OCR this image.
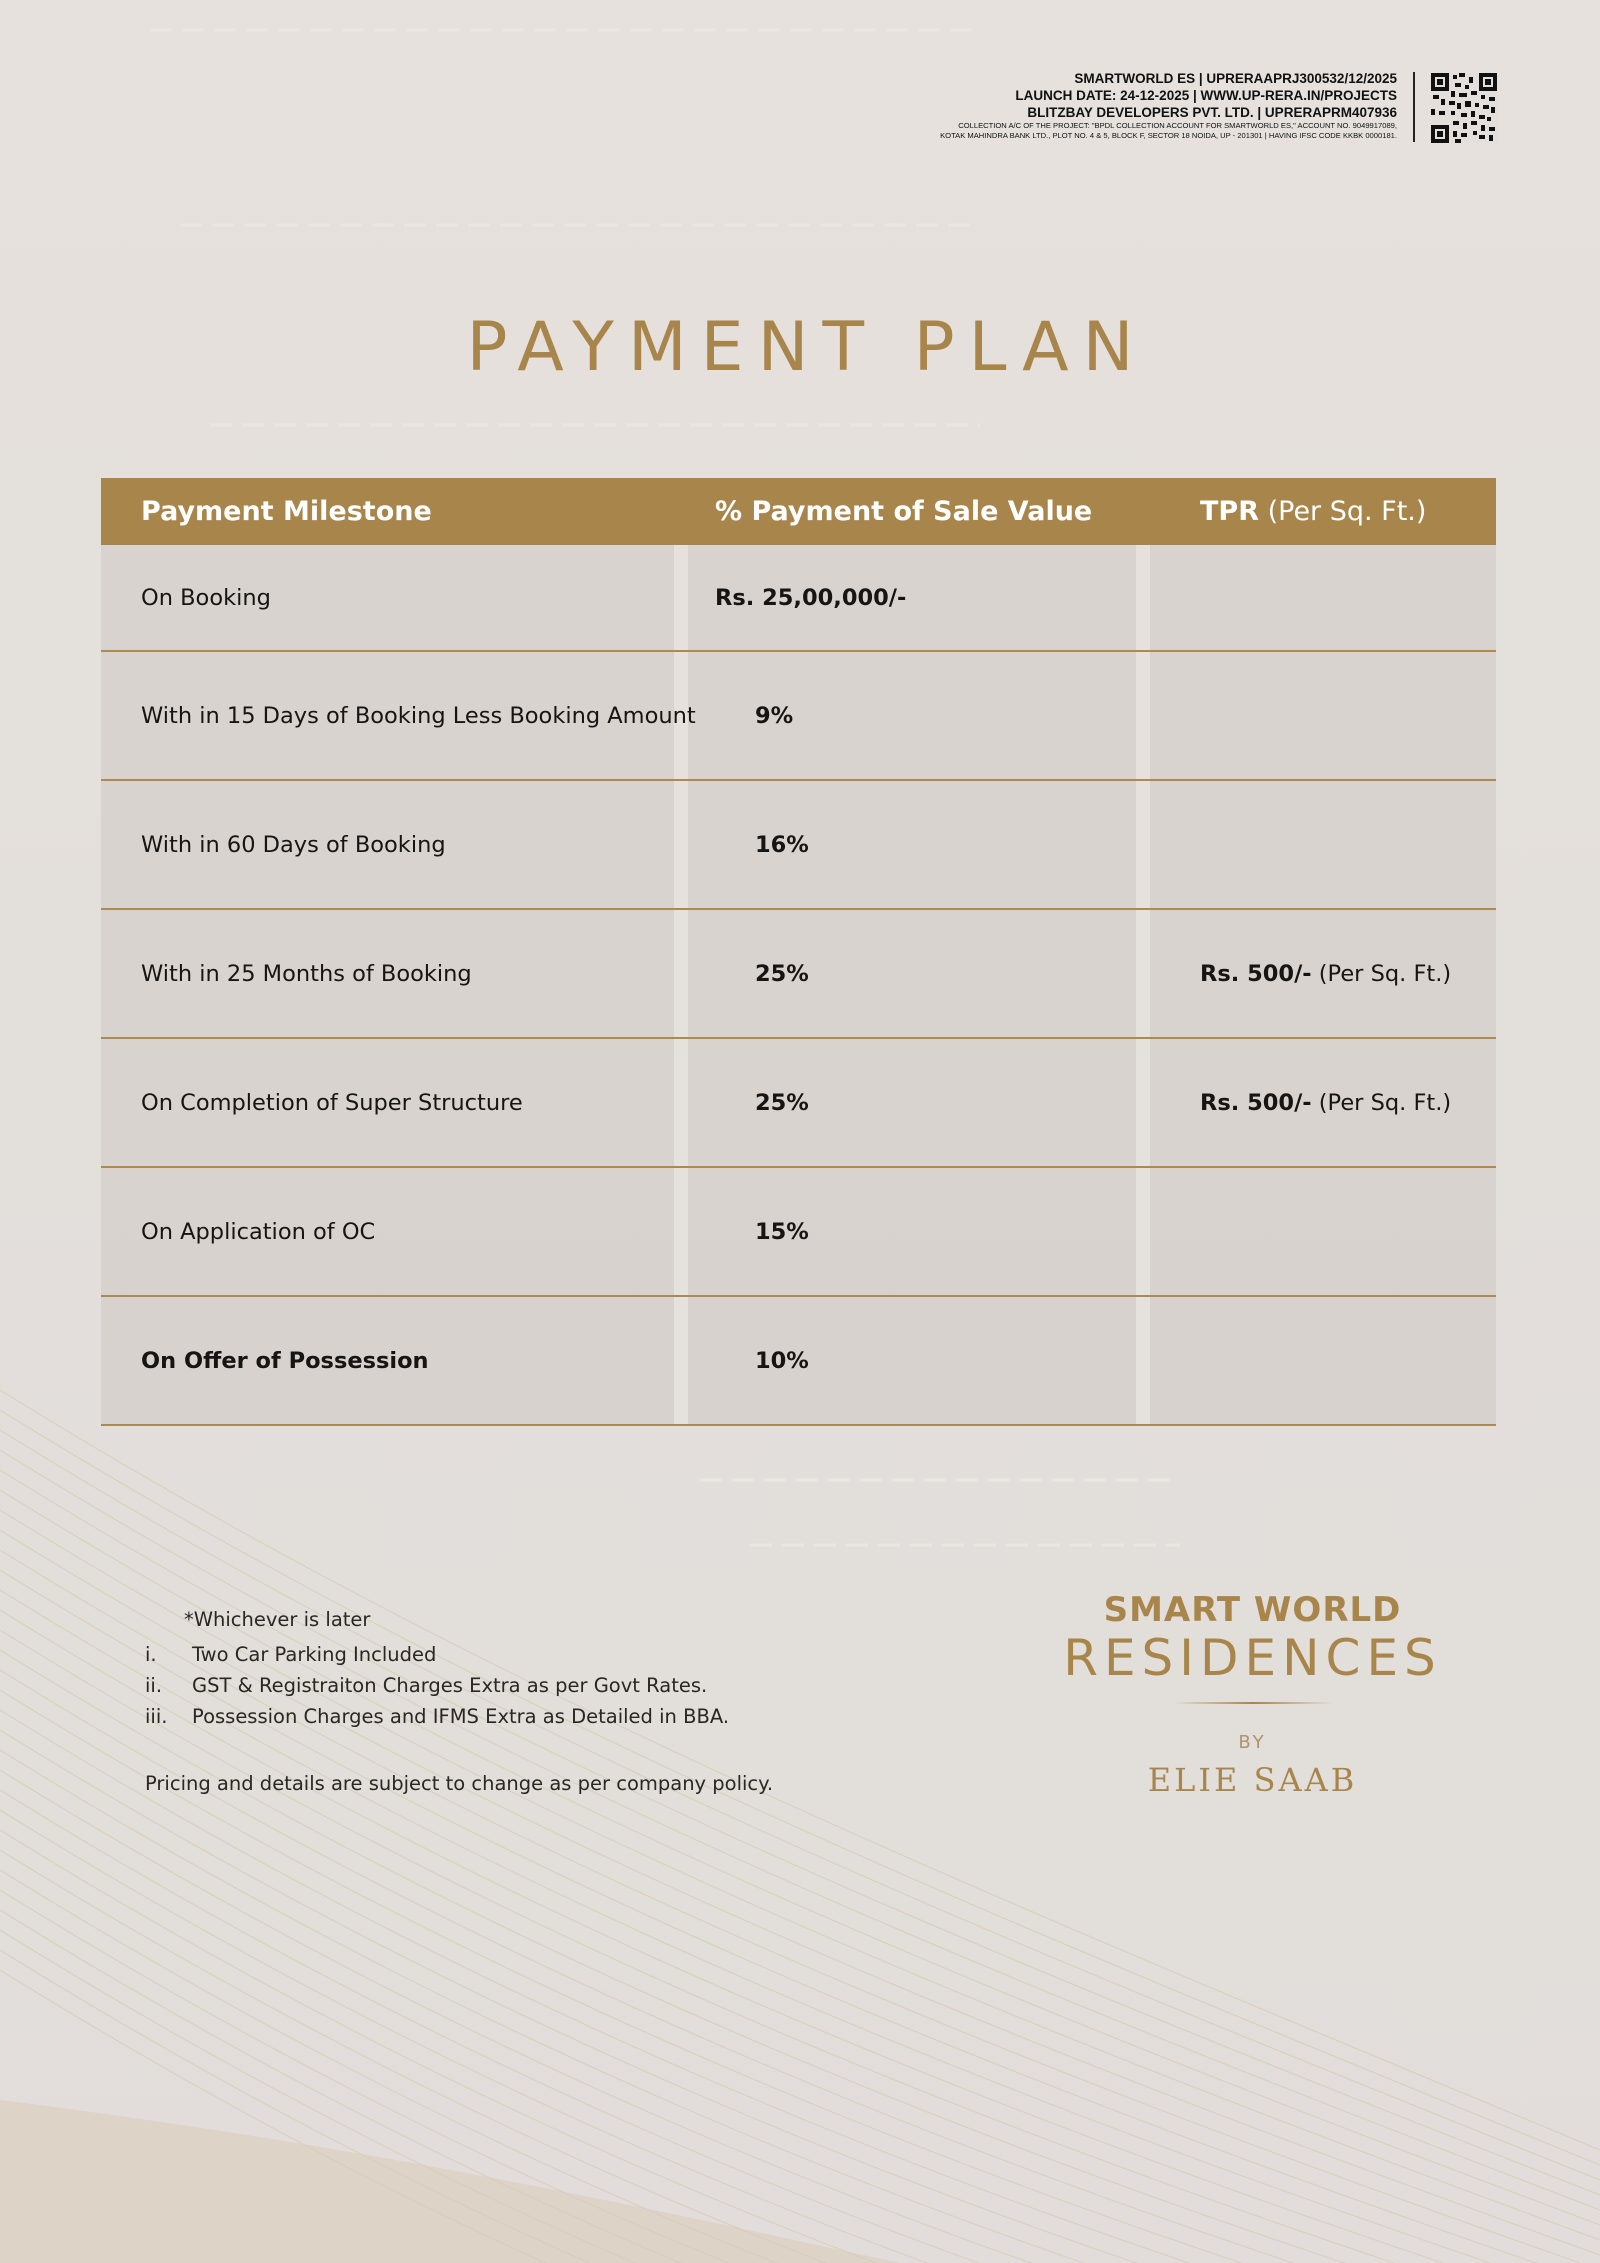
SMARTWORLD ES | UPRERAAPRJ300532/12/2025
LAUNCH DATE: 24-12-2025 | WWW.UP-RERA.IN/PROJECTS
BLITZBAY DEVELOPERS PVT. LTD. | UPRERAPRM407936
COLLECTION A/C OF THE PROJECT: "BPDL COLLECTION ACCOUNT FOR SMARTWORLD ES," ACCOUNT NO. 9049917089,
KOTAK MAHINDRA BANK LTD., PLOT NO. 4 & 5, BLOCK F, SECTOR 18 NOIDA, UP - 201301 | HAVING IFSC CODE KKBK 0000181.
PAYMENT PLAN
Payment Milestone	% Payment of Sale Value	TPR (Per Sq. Ft.)
On Booking	Rs. 25,00,000/-
With in 15 Days of Booking Less Booking Amount	9%
With in 60 Days of Booking	16%
With in 25 Months of Booking	25%	Rs. 500/- (Per Sq. Ft.)
On Completion of Super Structure	25%	Rs. 500/- (Per Sq. Ft.)
On Application of OC	15%
On Offer of Possession	10%
*Whichever is later
i. Two Car Parking Included
ii. GST & Registraiton Charges Extra as per Govt Rates.
iii. Possession Charges and IFMS Extra as Detailed in BBA.
Pricing and details are subject to change as per company policy.
SMART WORLD
RESIDENCES
BY
ELIE SAAB
